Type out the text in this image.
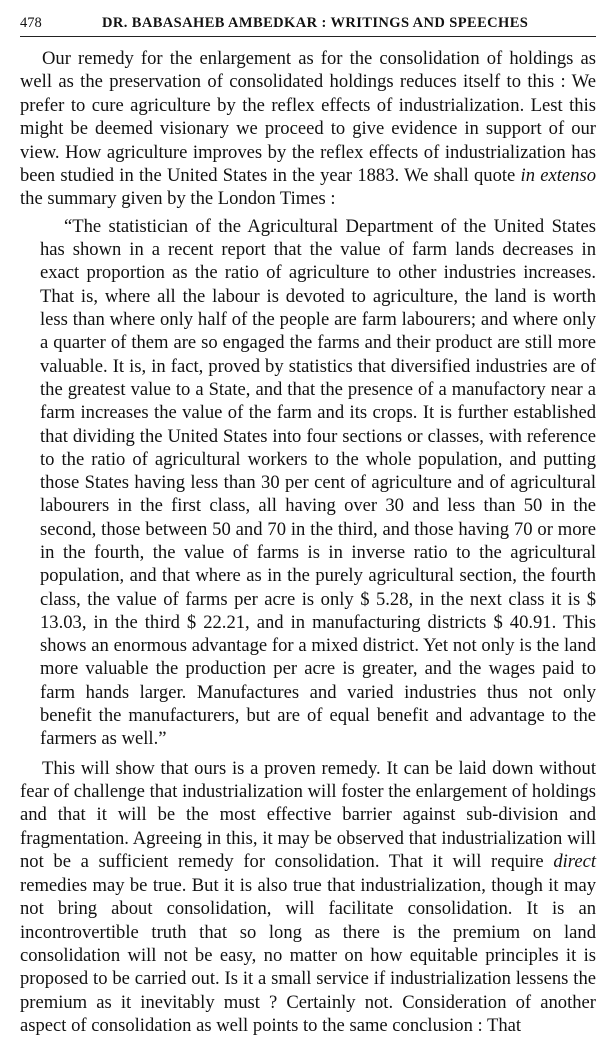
478	DR. BABASAHEB AMBEDKAR : WRITINGS AND SPEECHES

Our remedy for the enlargement as for the consolidation of holdings as well as the preservation of consolidated holdings reduces itself to this : We prefer to cure agriculture by the reflex effects of industrialization. Lest this might be deemed visionary we proceed to give evidence in support of our view. How agriculture improves by the reflex effects of industrialization has been studied in the United States in the year 1883. We shall quote in extenso the summary given by the London Times :

“The statistician of the Agricultural Department of the United States has shown in a recent report that the value of farm lands decreases in exact proportion as the ratio of agriculture to other industries increases. That is, where all the labour is devoted to agriculture, the land is worth less than where only half of the people are farm labourers; and where only a quarter of them are so engaged the farms and their product are still more valuable. It is, in fact, proved by statistics that diversified industries are of the greatest value to a State, and that the presence of a manufactory near a farm increases the value of the farm and its crops. It is further established that dividing the United States into four sections or classes, with reference to the ratio of agricultural workers to the whole population, and putting those States having less than 30 per cent of agriculture and of agricultural labourers in the first class, all having over 30 and less than 50 in the second, those between 50 and 70 in the third, and those having 70 or more in the fourth, the value of farms is in inverse ratio to the agricultural population, and that where as in the purely agricultural section, the fourth class, the value of farms per acre is only $ 5.28, in the next class it is $ 13.03, in the third $ 22.21, and in manufacturing districts $ 40.91. This shows an enormous advantage for a mixed district. Yet not only is the land more valuable the production per acre is greater, and the wages paid to farm hands larger. Manufactures and varied industries thus not only benefit the manufacturers, but are of equal benefit and advantage to the farmers as well.”

This will show that ours is a proven remedy. It can be laid down without fear of challenge that industrialization will foster the enlargement of holdings and that it will be the most effective barrier against sub-division and fragmentation. Agreeing in this, it may be observed that industrialization will not be a sufficient remedy for consolidation. That it will require direct remedies may be true. But it is also true that industrialization, though it may not bring about consolidation, will facilitate consolidation. It is an incontrovertible truth that so long as there is the premium on land consolidation will not be easy, no matter on how equitable principles it is proposed to be carried out. Is it a small service if industrialization lessens the premium as it inevitably must ? Certainly not. Consideration of another aspect of consolidation as well points to the same conclusion : That
